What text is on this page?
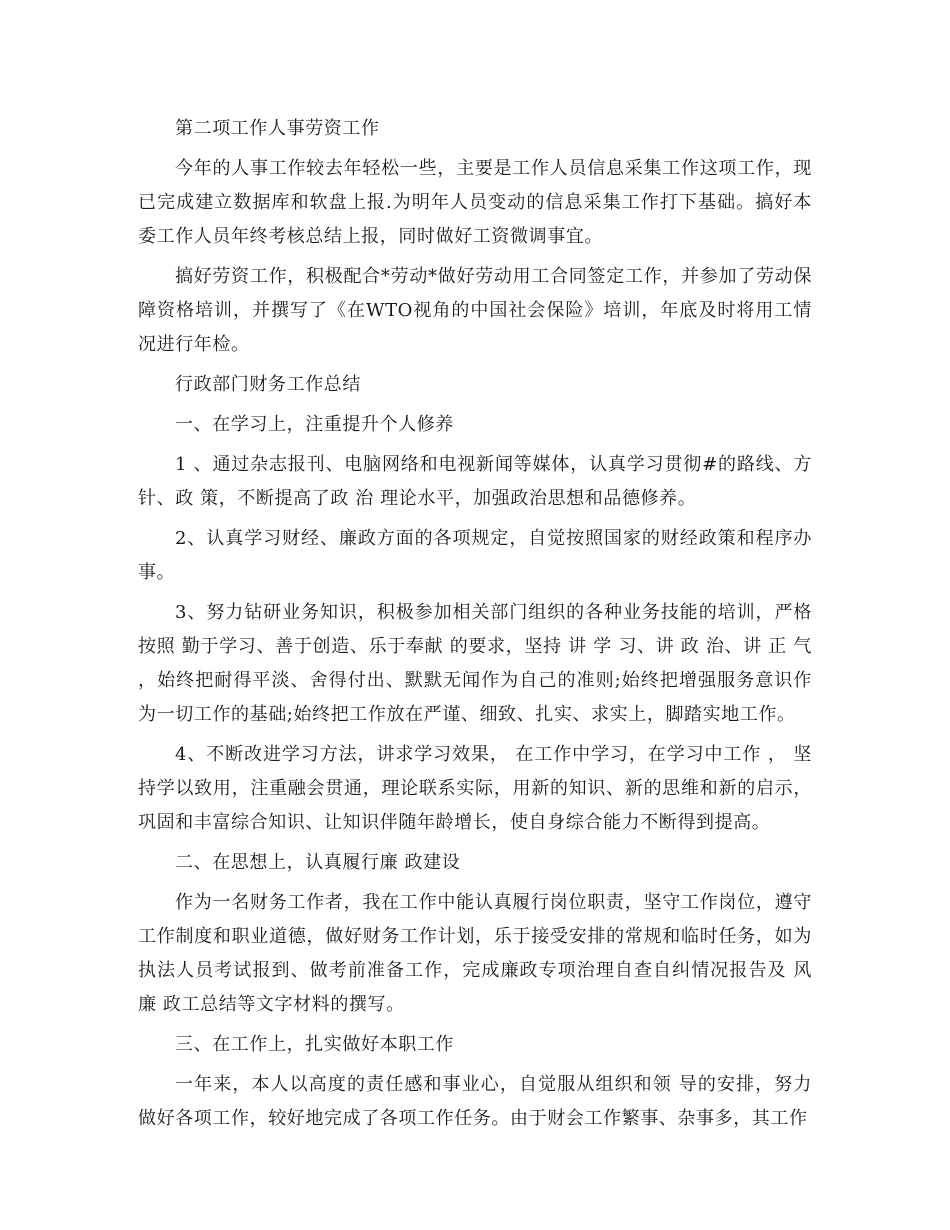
第二项工作人事劳资工作

今年的人事工作较去年轻松一些，主要是工作人员信息采集工作这项工作，现已完成建立数据库和软盘上报.为明年人员变动的信息采集工作打下基础。搞好本委工作人员年终考核总结上报，同时做好工资微调事宜。

搞好劳资工作，积极配合*劳动*做好劳动用工合同签定工作，并参加了劳动保障资格培训，并撰写了《在WTO视角的中国社会保险》培训，年底及时将用工情况进行年检。

行政部门财务工作总结

一、在学习上，注重提升个人修养

1 、通过杂志报刊、电脑网络和电视新闻等媒体，认真学习贯彻#的路线、方针、政 策，不断提高了政 治 理论水平，加强政治思想和品德修养。

2、认真学习财经、廉政方面的各项规定，自觉按照国家的财经政策和程序办事。

3、努力钻研业务知识，积极参加相关部门组织的各种业务技能的培训，严格按照 勤于学习、善于创造、乐于奉献 的要求，坚持 讲 学 习、讲 政 治、讲 正 气 ，始终把耐得平淡、舍得付出、默默无闻作为自己的准则;始终把增强服务意识作为一切工作的基础;始终把工作放在严谨、细致、扎实、求实上，脚踏实地工作。

4、不断改进学习方法，讲求学习效果， 在工作中学习，在学习中工作 ， 坚持学以致用，注重融会贯通，理论联系实际，用新的知识、新的思维和新的启示，巩固和丰富综合知识、让知识伴随年龄增长，使自身综合能力不断得到提高。

二、在思想上，认真履行廉 政建设

作为一名财务工作者，我在工作中能认真履行岗位职责，坚守工作岗位，遵守工作制度和职业道德，做好财务工作计划，乐于接受安排的常规和临时任务，如为执法人员考试报到、做考前准备工作，完成廉政专项治理自查自纠情况报告及 风廉 政工总结等文字材料的撰写。

三、在工作上，扎实做好本职工作

一年来，本人以高度的责任感和事业心，自觉服从组织和领 导的安排，努力做好各项工作，较好地完成了各项工作任务。由于财会工作繁事、杂事多，其工作
